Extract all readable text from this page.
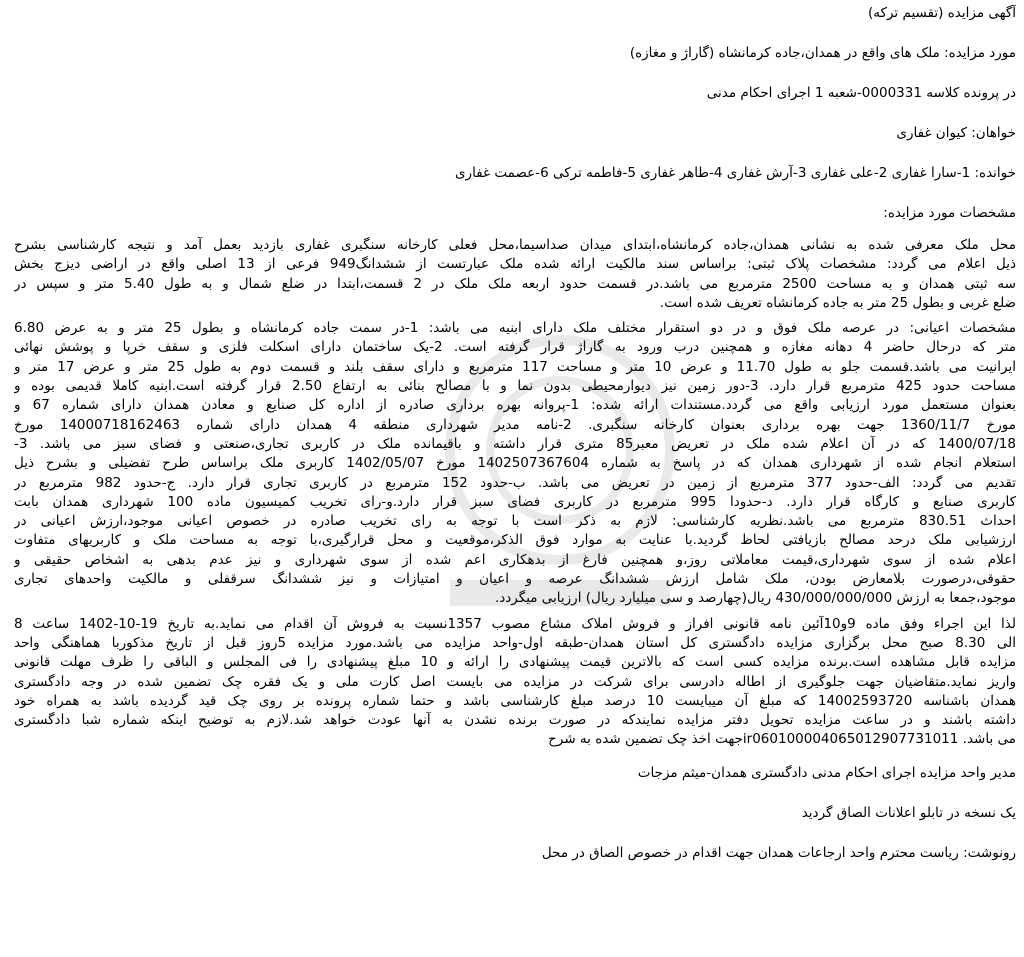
آگهی مزایده (تقسیم ترکه)
مورد مزایده: ملک های واقع در همدان،جاده کرمانشاه (گاراژ و مغازه)
در پرونده کلاسه 0000331-شعبه 1 اجرای احکام مدنی
خواهان: کیوان غفاری
خوانده: 1-سارا غفاری 2-علی غفاری 3-آرش غفاری 4-طاهر غفاری 5-فاطمه ترکی 6-عصمت غفاری
مشخصات مورد مزایده:
محل ملک معرفی شده به نشانی همدان،جاده کرمانشاه،ابتدای میدان صداسیما،محل فعلی کارخانه سنگبری غفاری بازدید بعمل آمد و نتیجه کارشناسی بشرح
ذیل اعلام می گردد: مشخصات پلاک ثبتی: براساس سند مالکیت ارائه شده ملک عبارتست از ششدانگ949 فرعی از 13 اصلی واقع در اراضی دیزج بخش
سه ثبتی همدان و به مساحت 2500 مترمربع می باشد.در قسمت حدود اربعه ملک ملک در 2 قسمت،ابتدا در ضلع شمال و به طول 5.40 متر و سپس در
ضلع غربی و بطول 25 متر به جاده کرمانشاه تعریف شده است.
مشخصات اعیانی: در عرصه ملک فوق و در دو استقرار مختلف ملک دارای ابنیه می باشد: 1-در سمت جاده کرمانشاه و بطول 25 متر و به عرض 6.80
متر که درحال حاضر 4 دهانه مغازه و همچنین درب ورود به گاراژ قرار گرفته است. 2-یک ساختمان دارای اسکلت فلزی و سقف خرپا و پوشش نهائی
ایرانیت می باشد.قسمت جلو به طول 11.70 و عرض 10 متر و مساحت 117 مترمربع و دارای سقف بلند و قسمت دوم به طول 25 متر و عرض 17 متر و
مساحت حدود 425 مترمربع قرار دارد. 3-دور زمین نیز دیوارمحیطی بدون نما و با مصالح بنائی به ارتفاع 2.50 قرار گرفته است.ابنیه کاملا قدیمی بوده و
بعنوان مستعمل مورد ارزیابی واقع می گردد.مستندات ارائه شده: 1-پروانه بهره برداری صادره از اداره کل صنایع و معادن همدان دارای شماره 67 و
مورخ 1360/11/7 جهت بهره برداری بعنوان کارخانه سنگبری. 2-نامه مدیر شهرداری منطقه 4 همدان دارای شماره 14000718162463 مورخ
1400/07/18 که در آن اعلام شده ملک در تعریض معبر85 متری قرار داشته و باقیمانده ملک در کاربری تجاری،صنعتی و فضای سبز می باشد. 3-
استعلام انجام شده از شهرداری همدان که در پاسخ به شماره 1402507367604 مورخ 1402/05/07 کاربری ملک براساس طرح تفضیلی و بشرح ذیل
تقدیم می گردد: الف-حدود 377 مترمربع از زمین در تعریض می باشد. ب-حدود 152 مترمربع در کاربری تجاری قرار دارد. ج-حدود 982 مترمربع در
کاربری صنایع و کارگاه قرار دارد. د-حدودا 995 مترمربع در کاربری فضای سبز قرار دارد.و-رای تخریب کمیسیون ماده 100 شهرداری همدان بابت
احداث 830.51 مترمربع می باشد.نظریه کارشناسی: لازم به ذکر است با توجه به رای تخریب صادره در خصوص اعیانی موجود،ارزش اعیانی در
ارزشیابی ملک درحد مصالح بازیافتی لحاظ گردید.با عنایت به موارد فوق الذکر،موقعیت و محل قرارگیری،با توجه به مساحت ملک و کاربریهای متفاوت
اعلام شده از سوی شهرداری،قیمت معاملاتی روز،و همچنین فارغ از بدهکاری اعم شده از سوی شهرداری و نیز عدم بدهی به اشخاص حقیقی و
حقوقی،درصورت بلامعارض بودن، ملک شامل ارزش ششدانگ عرصه و اعیان و امتیازات و نیز ششدانگ سرقفلی و مالکیت واحدهای تجاری
موجود،جمعا به ارزش 430/000/000/000 ریال(چهارصد و سی میلیارد ریال) ارزیابی میگردد.
لذا این اجراء وفق ماده 9و10آئین نامه قانونی افراز و فروش املاک مشاع مصوب 1357نسبت به فروش آن اقدام می نماید.به تاریخ 19-10-1402 ساعت 8
الی 8.30 صبح محل برگزاری مزایده دادگستری کل استان همدان-طبقه اول-واحد مزایده می باشد.مورد مزایده 5روز قبل از تاریخ مذکوربا هماهنگی واحد
مزایده قابل مشاهده است.برنده مزایده کسی است که بالاترین قیمت پیشنهادی را ارائه و 10 مبلغ پیشنهادی را فی المجلس و الباقی را ظرف مهلت قانونی
واریز نماید.متقاضیان جهت جلوگیری از اطاله دادرسی برای شرکت در مزایده می بایست اصل کارت ملی و یک فقره چک تضمین شده در وجه دادگستری
همدان باشناسه 14002593720 که مبلغ آن میبایست 10 درصد مبلغ کارشناسی باشد و حتما شماره پرونده بر روی چک قید گردیده باشد به همراه خود
داشته باشند و در ساعت مزایده تحویل دفتر مزایده نمایندکه در صورت برنده نشدن به آنها عودت خواهد شد.لازم به توضیح اینکه شماره شبا دادگستری
می باشد. ir060100004065012907731011جهت اخذ چک تضمین شده به شرح
مدیر واحد مزایده اجرای احکام مدنی دادگستری همدان-میثم مزجات
یک نسخه در تابلو اعلانات الصاق گردید
رونوشت: ریاست محترم واحد ارجاعات همدان جهت اقدام در خصوص الصاق در محل
